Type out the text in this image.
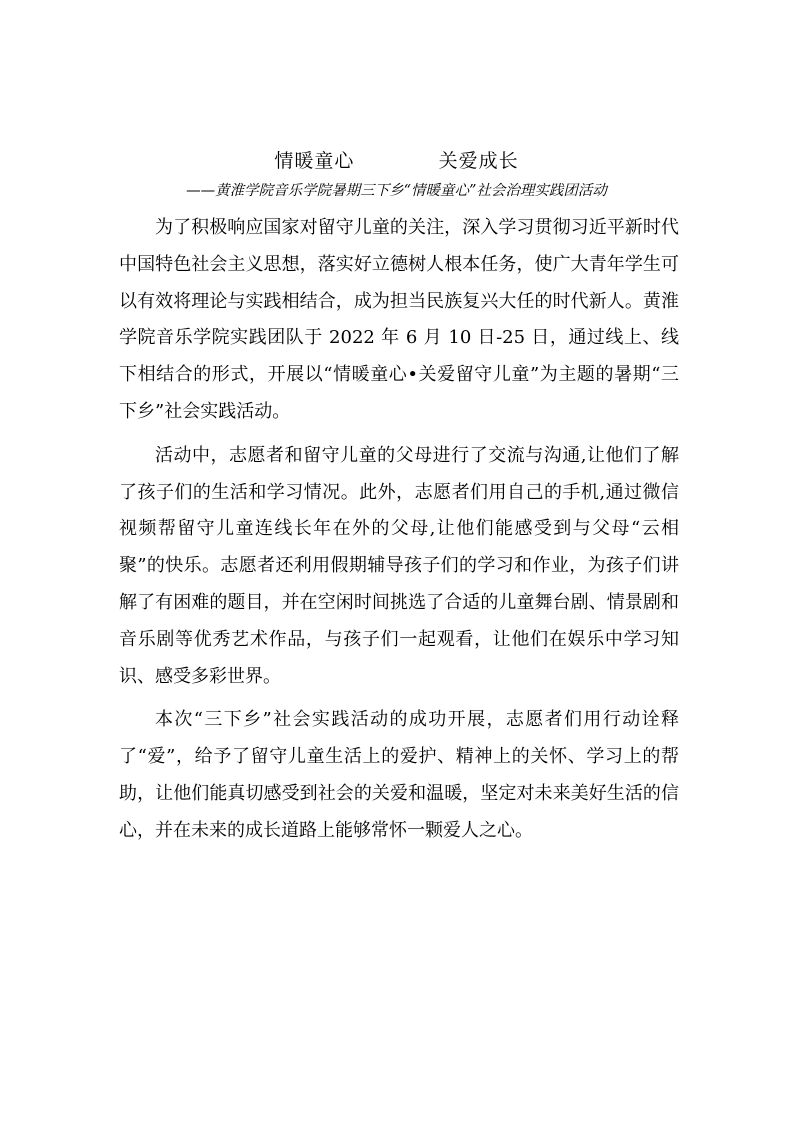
情暖童心    关爱成长
——黄淮学院音乐学院暑期三下乡“情暖童心”社会治理实践团活动

为了积极响应国家对留守儿童的关注，深入学习贯彻习近平新时代中国特色社会主义思想，落实好立德树人根本任务，使广大青年学生可以有效将理论与实践相结合，成为担当民族复兴大任的时代新人。黄淮学院音乐学院实践团队于 2022 年 6 月 10 日-25 日，通过线上、线下相结合的形式，开展以“情暖童心•关爱留守儿童”为主题的暑期“三下乡”社会实践活动。

活动中，志愿者和留守儿童的父母进行了交流与沟通,让他们了解了孩子们的生活和学习情况。此外，志愿者们用自己的手机,通过微信视频帮留守儿童连线长年在外的父母,让他们能感受到与父母“云相聚”的快乐。志愿者还利用假期辅导孩子们的学习和作业，为孩子们讲解了有困难的题目，并在空闲时间挑选了合适的儿童舞台剧、情景剧和音乐剧等优秀艺术作品，与孩子们一起观看，让他们在娱乐中学习知识、感受多彩世界。

本次“三下乡”社会实践活动的成功开展，志愿者们用行动诠释了“爱”，给予了留守儿童生活上的爱护、精神上的关怀、学习上的帮助，让他们能真切感受到社会的关爱和温暖，坚定对未来美好生活的信心，并在未来的成长道路上能够常怀一颗爱人之心。
